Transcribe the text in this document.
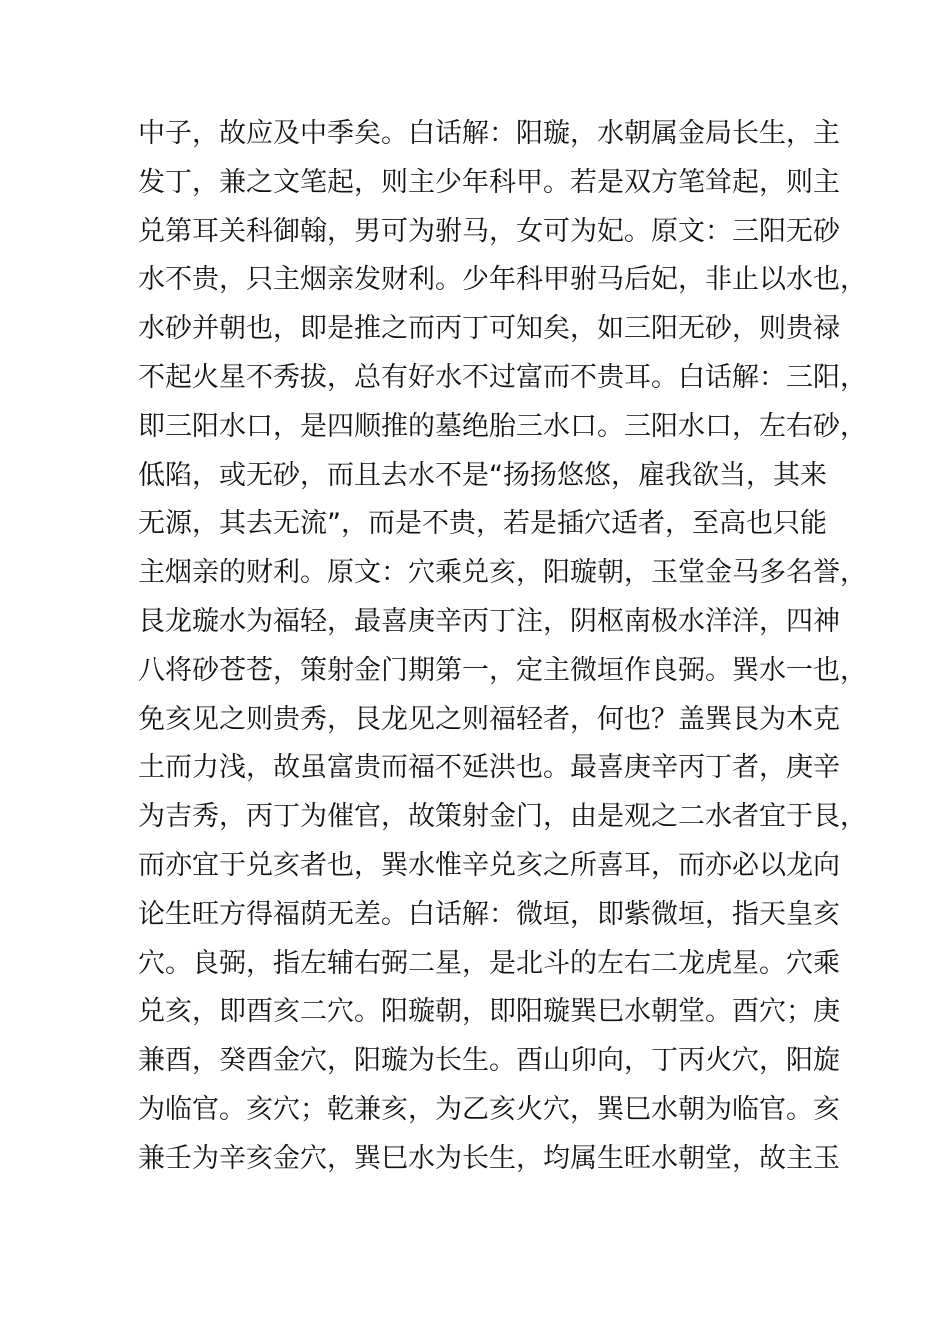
中子，故应及中季矣。白话解：阳璇，水朝属金局长生，主
发丁，兼之文笔起，则主少年科甲。若是双方笔耸起，则主
兑第耳关科御翰，男可为驸马，女可为妃。原文：三阳无砂
水不贵，只主烟亲发财利。少年科甲驸马后妃，非止以水也，
水砂并朝也，即是推之而丙丁可知矣，如三阳无砂，则贵禄
不起火星不秀拔，总有好水不过富而不贵耳。白话解：三阳，
即三阳水口，是四顺推的墓绝胎三水口。三阳水口，左右砂，
低陷，或无砂，而且去水不是“扬扬悠悠，雇我欲当，其来
无源，其去无流”，而是不贵，若是插穴适者，至高也只能
主烟亲的财利。原文：穴乘兑亥，阳璇朝，玉堂金马多名誉，
艮龙璇水为福轻，最喜庚辛丙丁注，阴枢南极水洋洋，四神
八将砂苍苍，策射金门期第一，定主微垣作良弼。巽水一也，
免亥见之则贵秀，艮龙见之则福轻者，何也？盖巽艮为木克
土而力浅，故虽富贵而福不延洪也。最喜庚辛丙丁者，庚辛
为吉秀，丙丁为催官，故策射金门，由是观之二水者宜于艮，
而亦宜于兑亥者也，巽水惟辛兑亥之所喜耳，而亦必以龙向
论生旺方得福荫无差。白话解：微垣，即紫微垣，指天皇亥
穴。良弼，指左辅右弼二星，是北斗的左右二龙虎星。穴乘
兑亥，即酉亥二穴。阳璇朝，即阳璇巽巳水朝堂。酉穴；庚
兼酉，癸酉金穴，阳璇为长生。酉山卯向，丁丙火穴，阳旋
为临官。亥穴；乾兼亥，为乙亥火穴，巽巳水朝为临官。亥
兼壬为辛亥金穴，巽巳水为长生，均属生旺水朝堂，故主玉
